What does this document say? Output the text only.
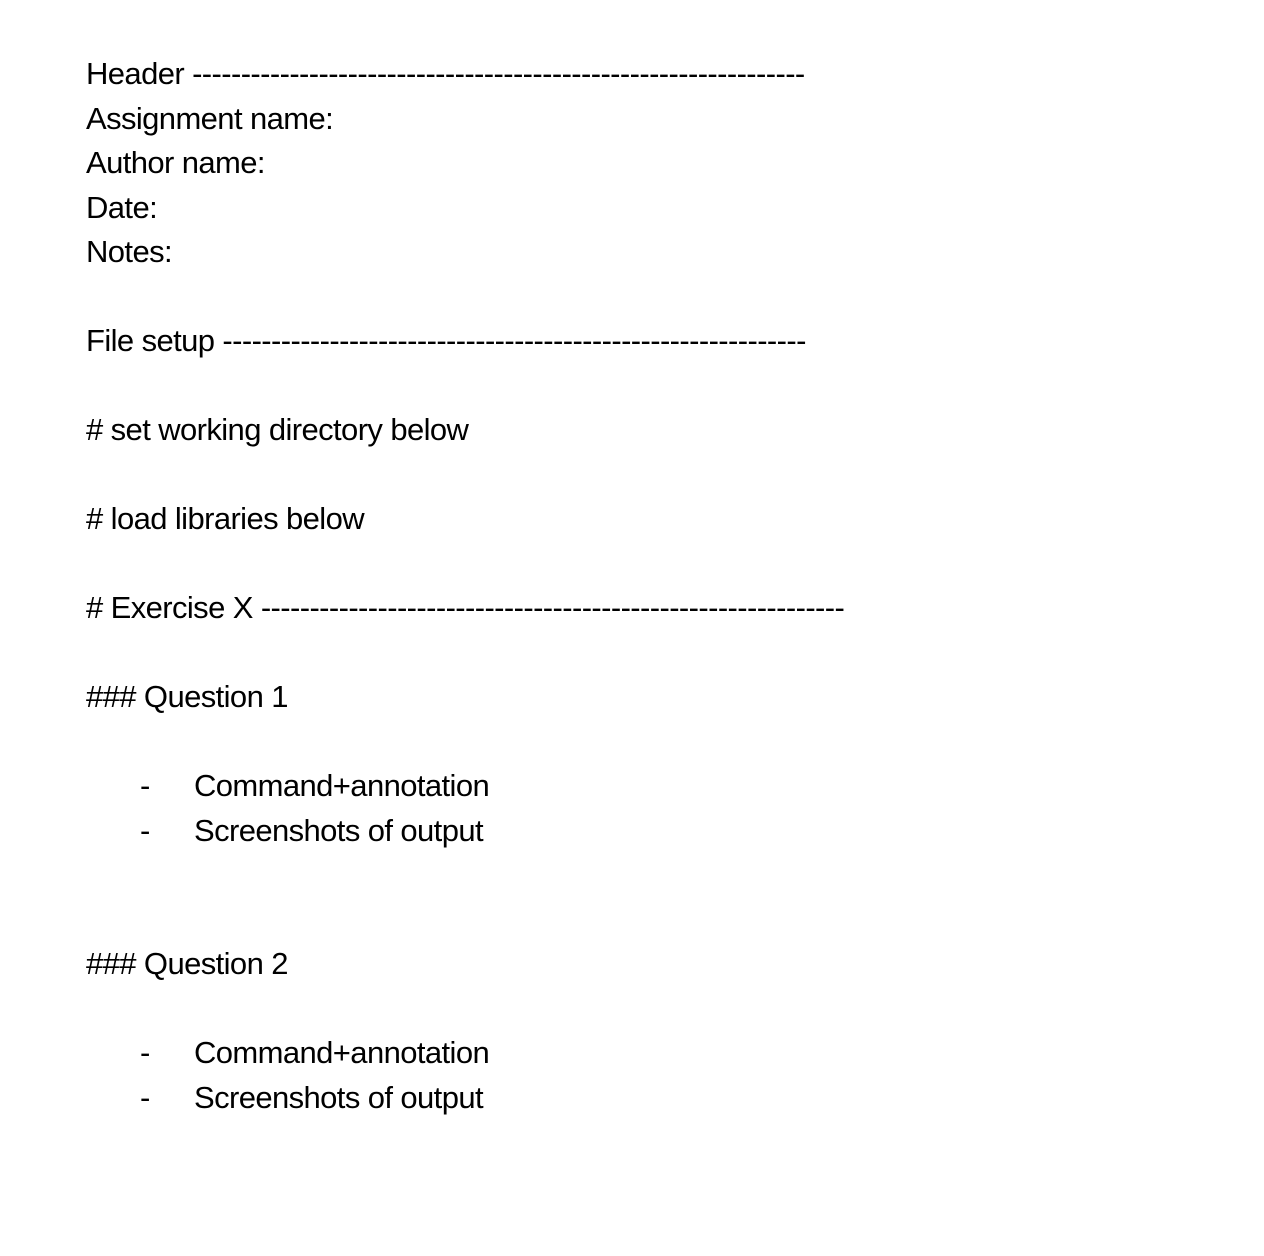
Header ---------------------------------------------------------------
Assignment name:
Author name:
Date:
Notes:
File setup ------------------------------------------------------------
# set working directory below
# load libraries below
# Exercise X ------------------------------------------------------------
### Question 1

-

Command+annotation

-

Screenshots of output

### Question 2

-

Command+annotation

-

Screenshots of output
